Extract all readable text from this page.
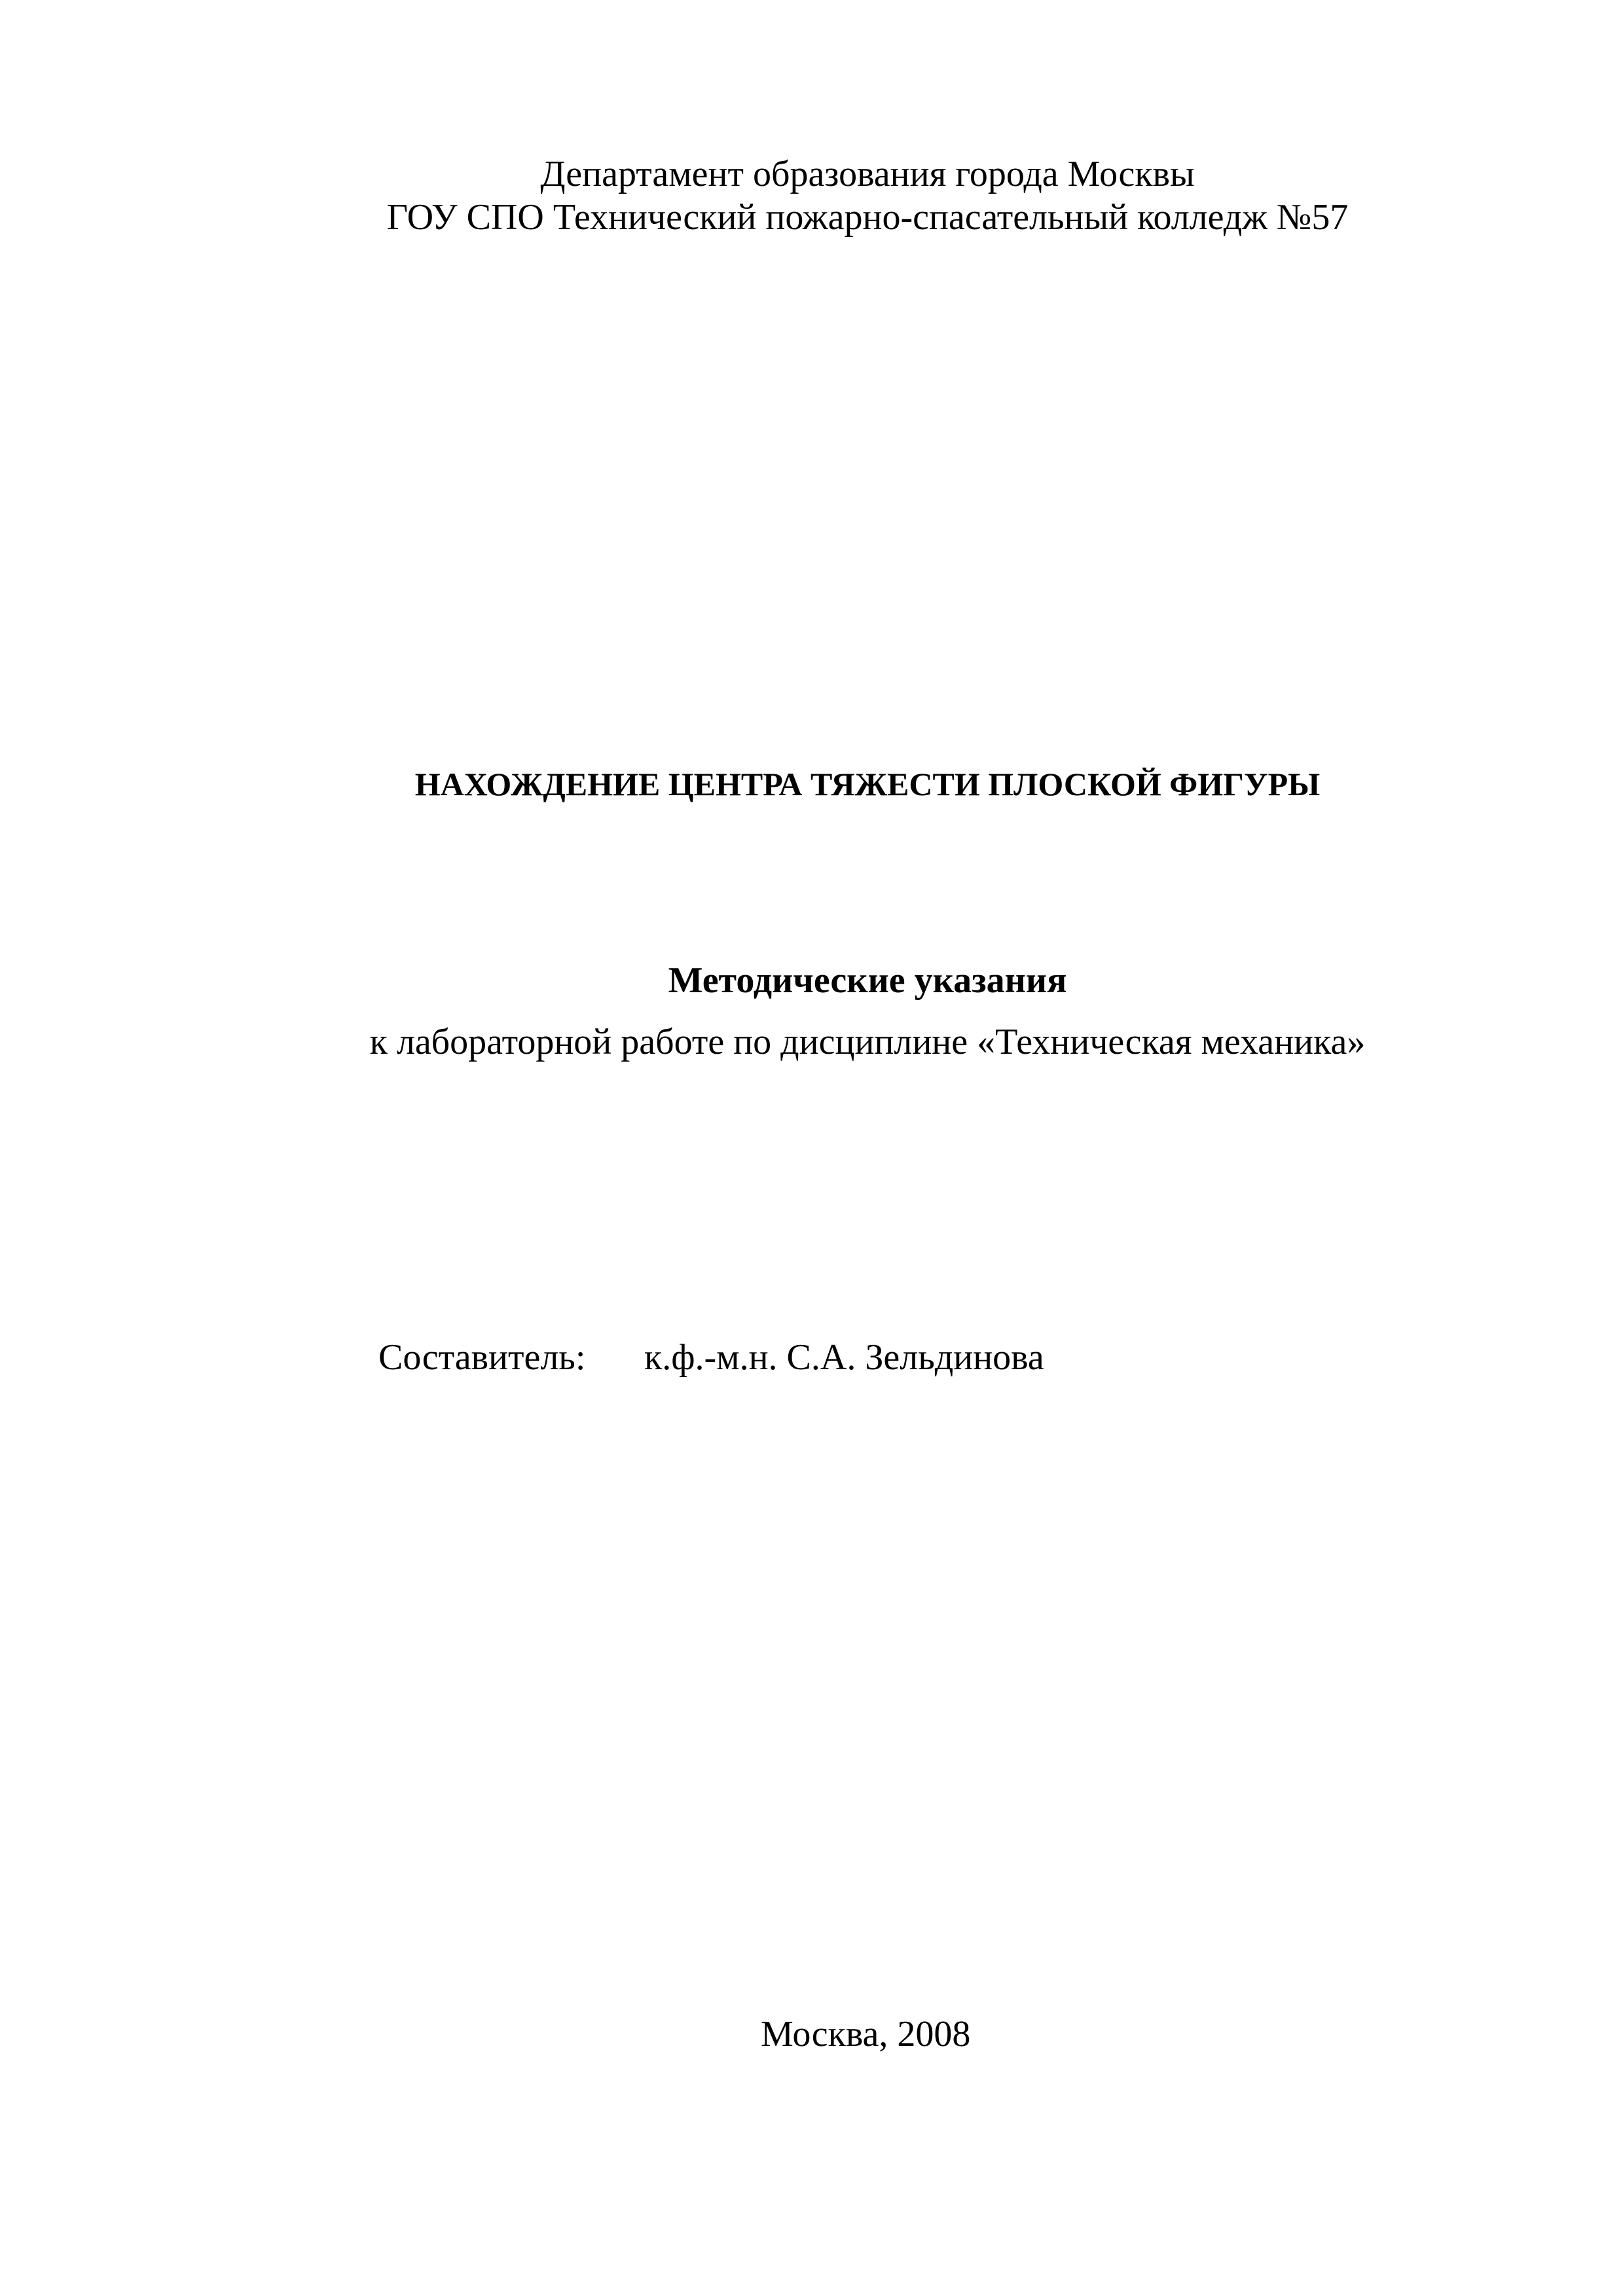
Департамент образования города Москвы
ГОУ СПО Технический пожарно-спасательный колледж №57
НАХОЖДЕНИЕ ЦЕНТРА ТЯЖЕСТИ ПЛОСКОЙ ФИГУРЫ
Методические указания
к лабораторной работе по дисциплине «Техническая механика»
Составитель: к.ф.-м.н. С.А. Зельдинова
Москва, 2008
